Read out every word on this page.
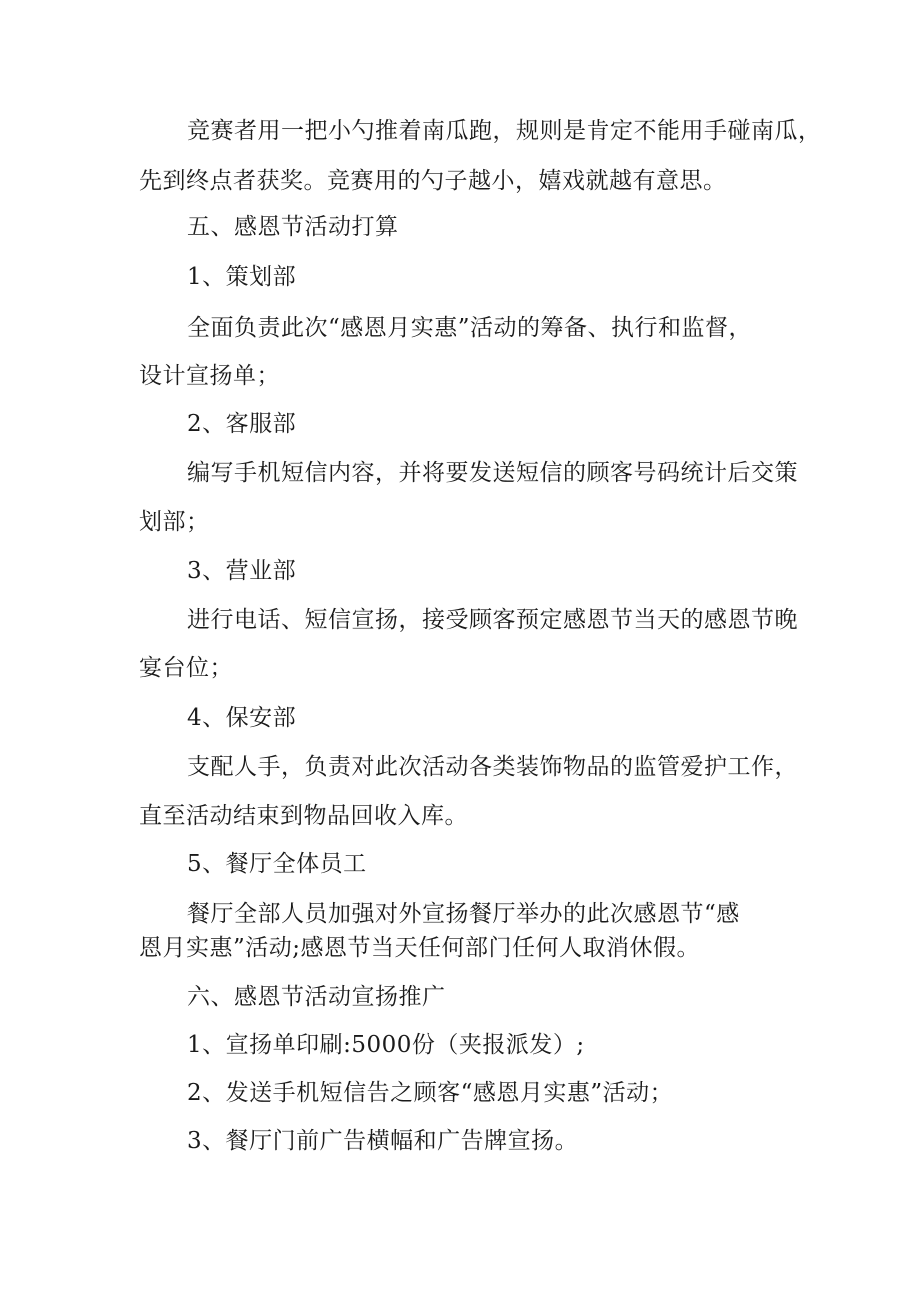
竞赛者用一把小勺推着南瓜跑，规则是肯定不能用手碰南瓜，
先到终点者获奖。竞赛用的勺子越小，嬉戏就越有意思。
五、感恩节活动打算
1、策划部
全面负责此次“感恩月实惠”活动的筹备、执行和监督，
设计宣扬单；
2、客服部
编写手机短信内容，并将要发送短信的顾客号码统计后交策
划部；
3、营业部
进行电话、短信宣扬，接受顾客预定感恩节当天的感恩节晚
宴台位；
4、保安部
支配人手，负责对此次活动各类装饰物品的监管爱护工作，
直至活动结束到物品回收入库。
5、餐厅全体员工
餐厅全部人员加强对外宣扬餐厅举办的此次感恩节“感
恩月实惠”活动;感恩节当天任何部门任何人取消休假。
六、感恩节活动宣扬推广
1、宣扬单印刷:5000份（夹报派发）;
2、发送手机短信告之顾客“感恩月实惠”活动；
3、餐厅门前广告横幅和广告牌宣扬。
